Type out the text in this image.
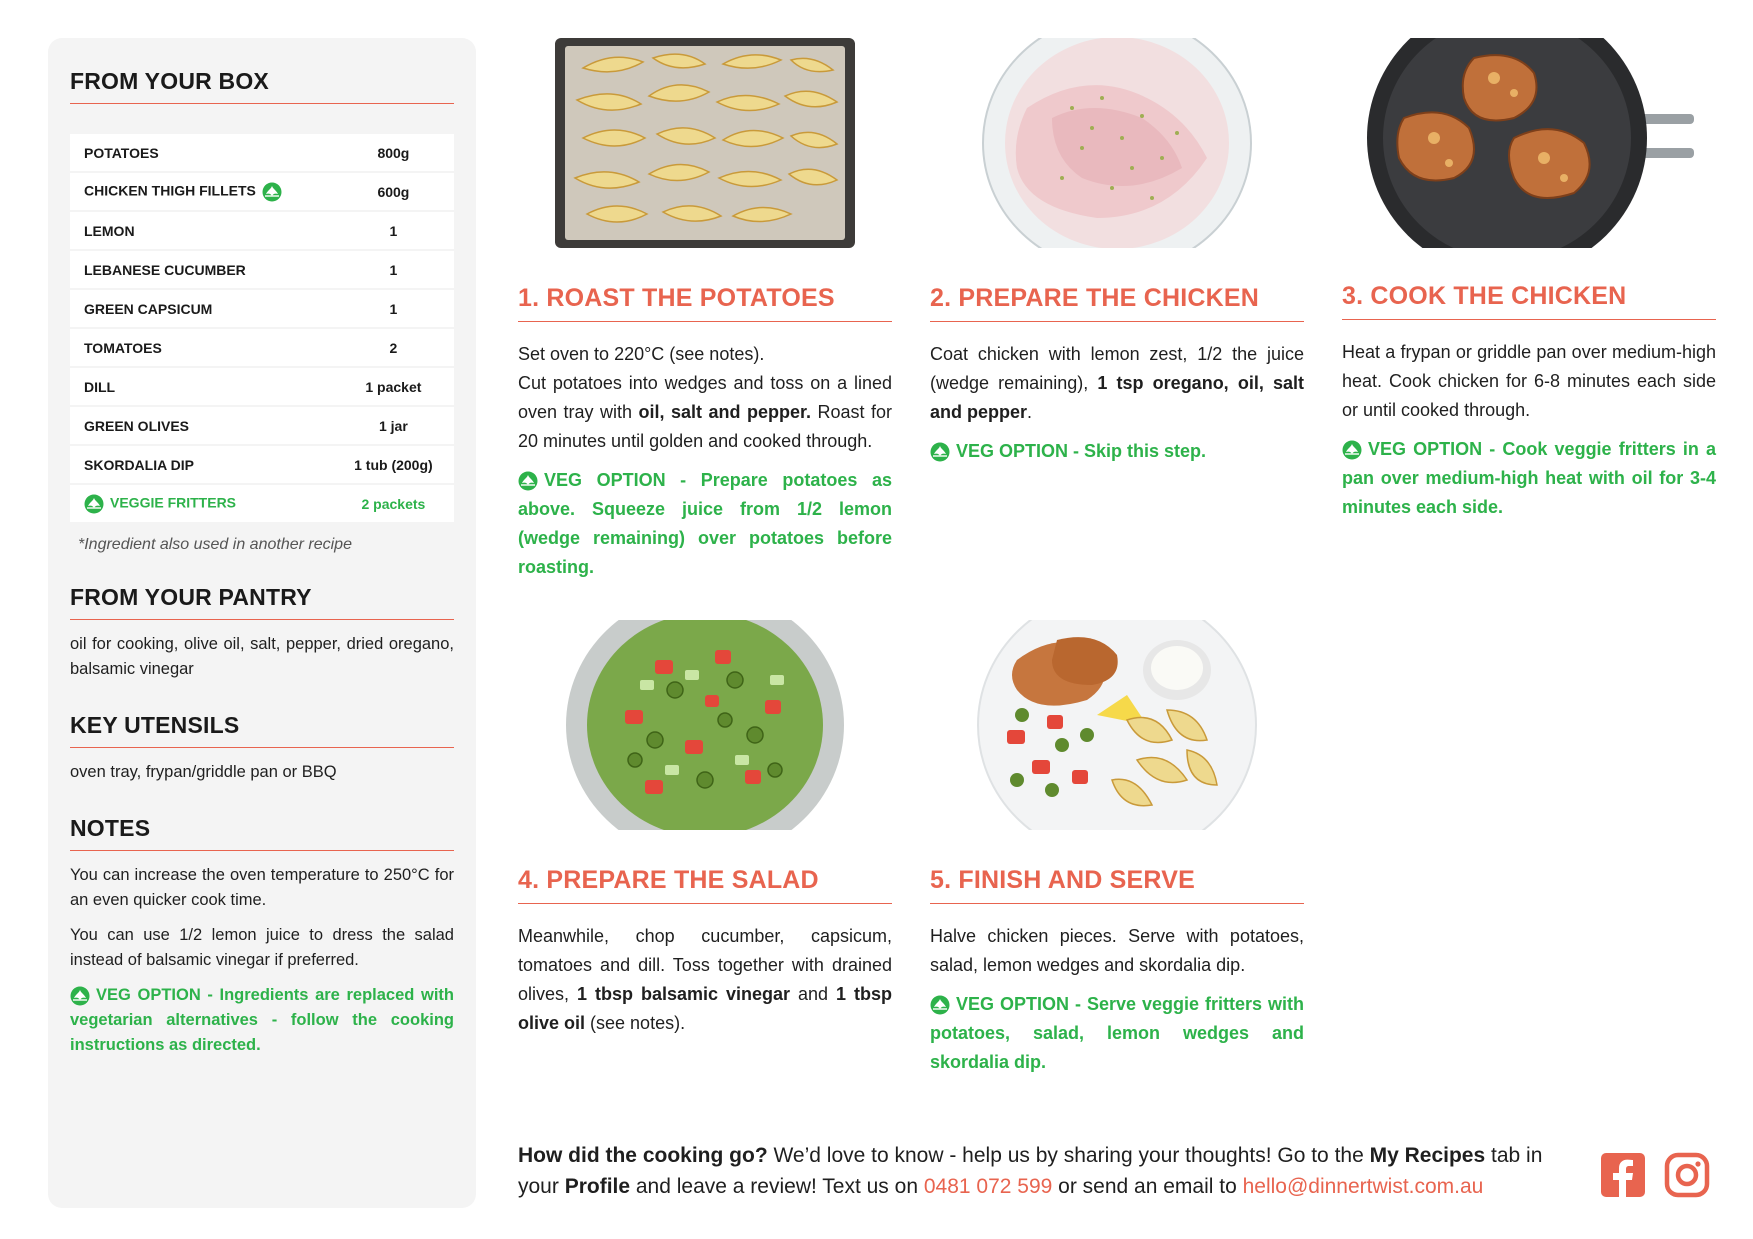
FROM YOUR BOX
POTATOES	800g
CHICKEN THIGH FILLETS	600g
LEMON	1
LEBANESE CUCUMBER	1
GREEN CAPSICUM	1
TOMATOES	2
DILL	1 packet
GREEN OLIVES	1 jar
SKORDALIA DIP	1 tub (200g)
VEGGIE FRITTERS	2 packets
*Ingredient also used in another recipe
FROM YOUR PANTRY
oil for cooking, olive oil, salt, pepper, dried oregano, balsamic vinegar
KEY UTENSILS
oven tray, frypan/griddle pan or BBQ
NOTES
You can increase the oven temperature to 250°C for an even quicker cook time.
You can use 1/2 lemon juice to dress the salad instead of balsamic vinegar if preferred.
VEG OPTION - Ingredients are replaced with vegetarian alternatives - follow the cooking instructions as directed.
1. ROAST THE POTATOES
Set oven to 220°C (see notes).
Cut potatoes into wedges and toss on a lined oven tray with oil, salt and pepper. Roast for 20 minutes until golden and cooked through.
VEG OPTION - Prepare potatoes as above. Squeeze juice from 1/2 lemon (wedge remaining) over potatoes before roasting.
2. PREPARE THE CHICKEN
Coat chicken with lemon zest, 1/2 the juice (wedge remaining), 1 tsp oregano, oil, salt and pepper.
VEG OPTION - Skip this step.
3. COOK THE CHICKEN
Heat a frypan or griddle pan over medium-high heat. Cook chicken for 6-8 minutes each side or until cooked through.
VEG OPTION - Cook veggie fritters in a pan over medium-high heat with oil for 3-4 minutes each side.
4. PREPARE THE SALAD
Meanwhile, chop cucumber, capsicum, tomatoes and dill. Toss together with drained olives, 1 tbsp balsamic vinegar and 1 tbsp olive oil (see notes).
5. FINISH AND SERVE
Halve chicken pieces. Serve with potatoes, salad, lemon wedges and skordalia dip.
VEG OPTION - Serve veggie fritters with potatoes, salad, lemon wedges and skordalia dip.
How did the cooking go? We’d love to know - help us by sharing your thoughts! Go to the My Recipes tab in your Profile and leave a review! Text us on 0481 072 599 or send an email to hello@dinnertwist.com.au
